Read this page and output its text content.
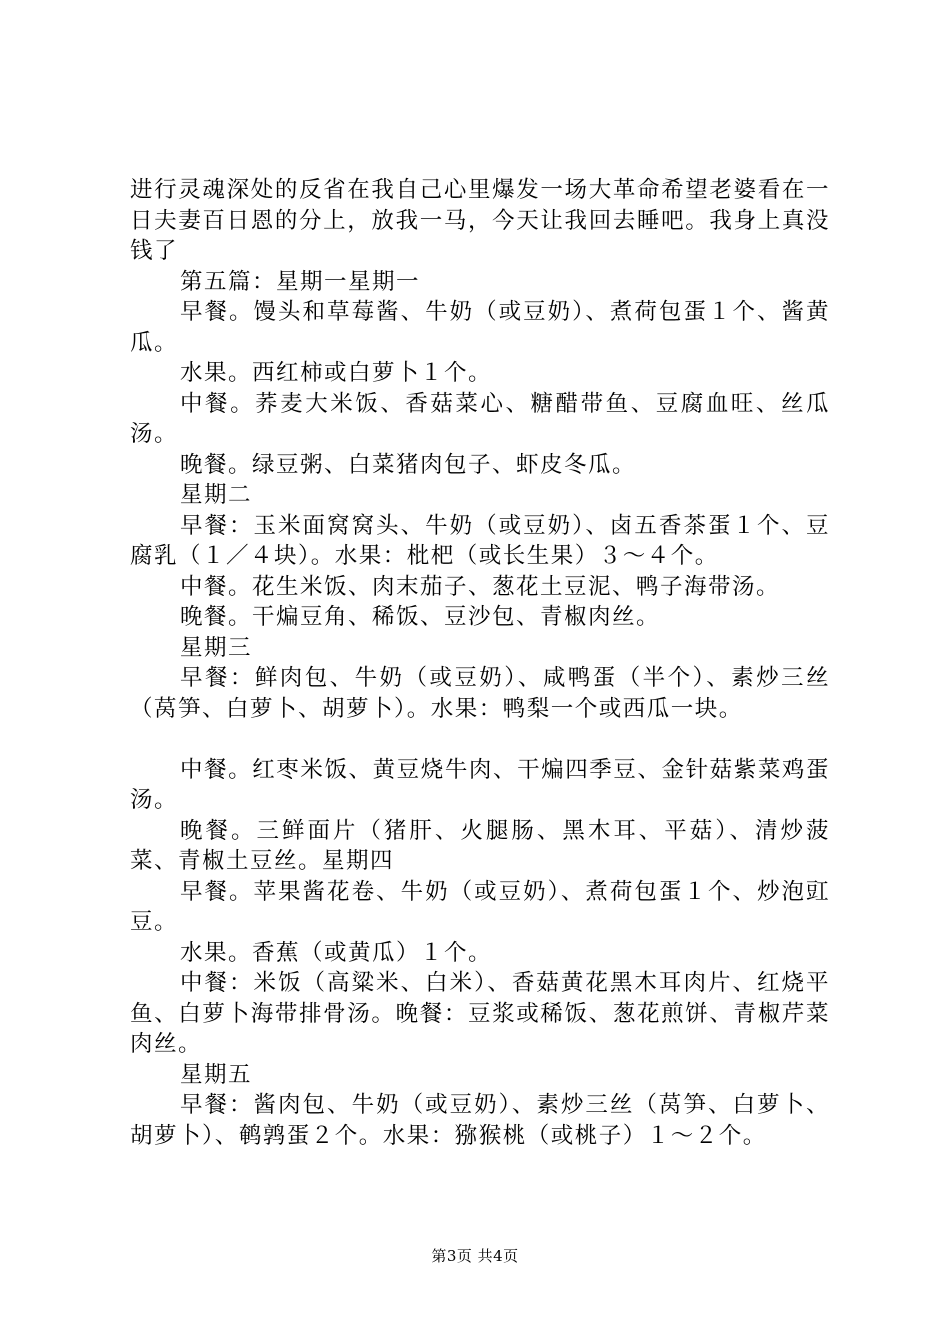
进行灵魂深处的反省在我自己心里爆发一场大革命希望老婆看在一日夫妻百日恩的分上，放我一马，今天让我回去睡吧。我身上真没钱了

第五篇：星期一星期一

早餐。馒头和草莓酱、牛奶（或豆奶）、煮荷包蛋１个、酱黄瓜。

水果。西红柿或白萝卜１个。

中餐。荞麦大米饭、香菇菜心、糖醋带鱼、豆腐血旺、丝瓜汤。

晚餐。绿豆粥、白菜猪肉包子、虾皮冬瓜。

星期二

早餐：玉米面窝窝头、牛奶（或豆奶）、卤五香茶蛋１个、豆腐乳（１／４块）。水果：枇杷（或长生果）３～４个。

中餐。花生米饭、肉末茄子、葱花土豆泥、鸭子海带汤。

晚餐。干煸豆角、稀饭、豆沙包、青椒肉丝。

星期三

早餐：鲜肉包、牛奶（或豆奶）、咸鸭蛋（半个）、素炒三丝（莴笋、白萝卜、胡萝卜）。水果：鸭梨一个或西瓜一块。

中餐。红枣米饭、黄豆烧牛肉、干煸四季豆、金针菇紫菜鸡蛋汤。

晚餐。三鲜面片（猪肝、火腿肠、黑木耳、平菇）、清炒菠菜、青椒土豆丝。星期四

早餐。苹果酱花卷、牛奶（或豆奶）、煮荷包蛋１个、炒泡豇豆。

水果。香蕉（或黄瓜）１个。

中餐：米饭（高粱米、白米）、香菇黄花黑木耳肉片、红烧平鱼、白萝卜海带排骨汤。晚餐：豆浆或稀饭、葱花煎饼、青椒芹菜肉丝。

星期五

早餐：酱肉包、牛奶（或豆奶）、素炒三丝（莴笋、白萝卜、胡萝卜）、鹌鹑蛋２个。水果：猕猴桃（或桃子）１～２个。

第3页 共4页
